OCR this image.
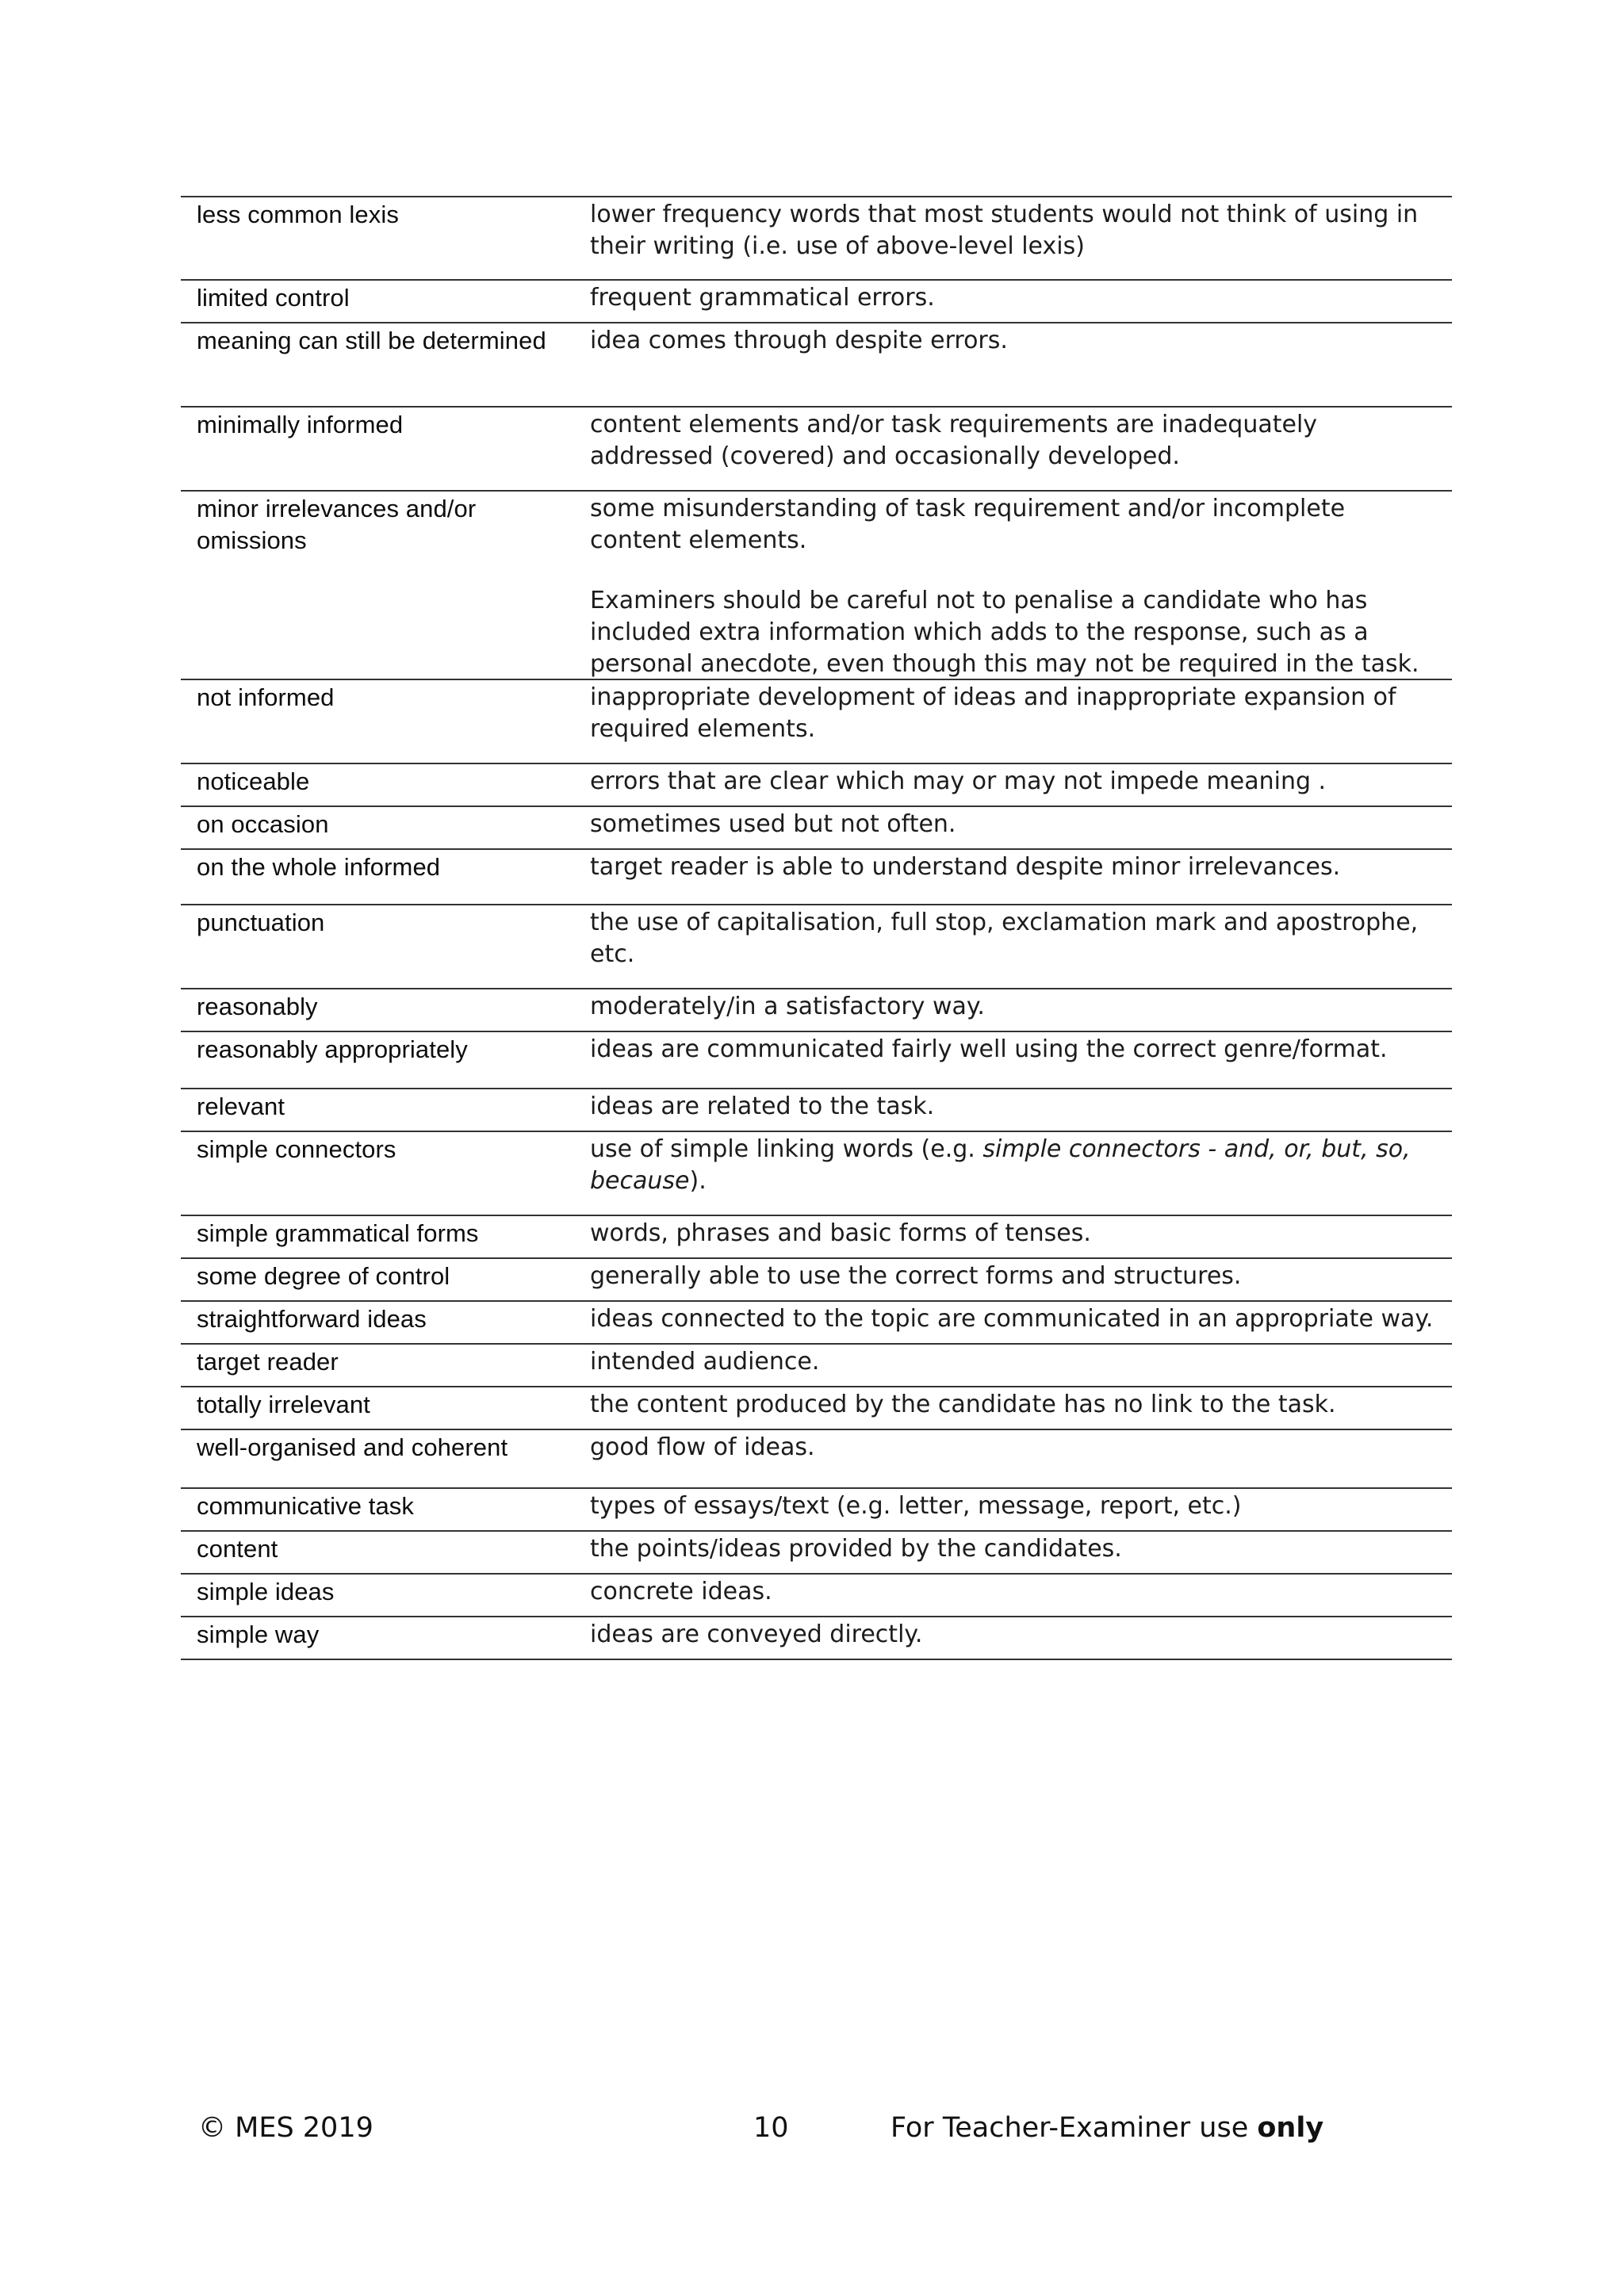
less common lexis	lower frequency words that most students would not think of using in their writing (i.e. use of above-level lexis)
limited control	frequent grammatical errors.
meaning can still be determined	idea comes through despite errors.
minimally informed	content elements and/or task requirements are inadequately addressed (covered) and occasionally developed.
minor irrelevances and/or omissions	some misunderstanding of task requirement and/or incomplete content elements.

Examiners should be careful not to penalise a candidate who has included extra information which adds to the response, such as a personal anecdote, even though this may not be required in the task.

not informed	inappropriate development of ideas and inappropriate expansion of required elements.
noticeable	errors that are clear which may or may not impede meaning .
on occasion	sometimes used but not often.
on the whole informed	target reader is able to understand despite minor irrelevances.
punctuation	the use of capitalisation, full stop, exclamation mark and apostrophe, etc.
reasonably	moderately/in a satisfactory way.
reasonably appropriately	ideas are communicated fairly well using the correct genre/format.
relevant	ideas are related to the task.
simple connectors	use of simple linking words (e.g. simple connectors - and, or, but, so, because).
simple grammatical forms	words, phrases and basic forms of tenses.
some degree of control	generally able to use the correct forms and structures.
straightforward ideas	ideas connected to the topic are communicated in an appropriate way.
target reader	intended audience.
totally irrelevant	the content produced by the candidate has no link to the task.
well-organised and coherent	good flow of ideas.
communicative task	types of essays/text (e.g. letter, message, report, etc.)
content	the points/ideas provided by the candidates.
simple ideas	concrete ideas.
simple way	ideas are conveyed directly.
© MES 2019	10	For Teacher-Examiner use only
